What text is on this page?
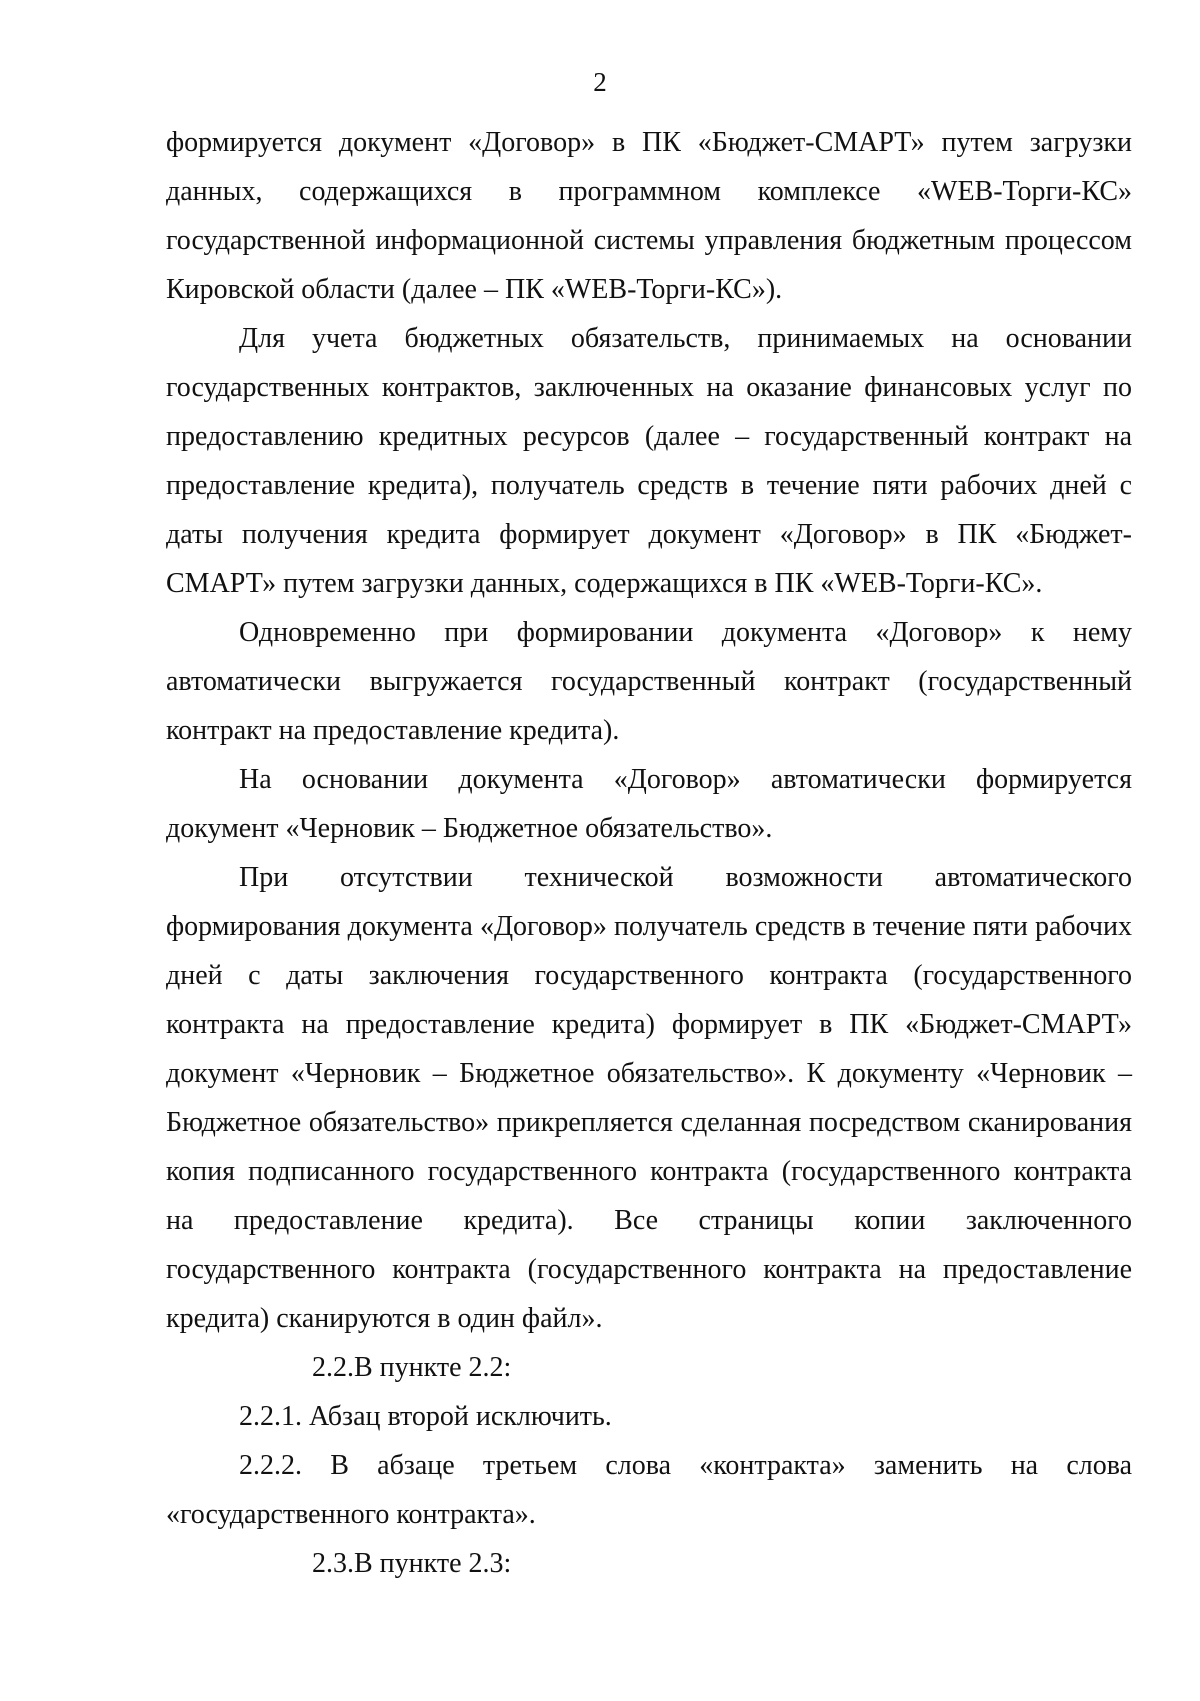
2

формируется документ «Договор» в ПК «Бюджет-СМАРТ» путем загрузки данных, содержащихся в программном комплексе «WEB-Торги-КС» государственной информационной системы управления бюджетным процессом Кировской области (далее – ПК «WEB-Торги-КС»).

Для учета бюджетных обязательств, принимаемых на основании государственных контрактов, заключенных на оказание финансовых услуг по предоставлению кредитных ресурсов (далее – государственный контракт на предоставление кредита), получатель средств в течение пяти рабочих дней с даты получения кредита формирует документ «Договор» в ПК «Бюджет-СМАРТ» путем загрузки данных, содержащихся в ПК «WEB-Торги-КС».

Одновременно при формировании документа «Договор» к нему автоматически выгружается государственный контракт (государственный контракт на предоставление кредита).

На основании документа «Договор» автоматически формируется документ «Черновик – Бюджетное обязательство».

При отсутствии технической возможности автоматического формирования документа «Договор» получатель средств в течение пяти рабочих дней с даты заключения государственного контракта (государственного контракта на предоставление кредита) формирует в ПК «Бюджет-СМАРТ» документ «Черновик – Бюджетное обязательство». К документу «Черновик – Бюджетное обязательство» прикрепляется сделанная посредством сканирования копия подписанного государственного контракта (государственного контракта на предоставление кредита). Все страницы копии заключенного государственного контракта (государственного контракта на предоставление кредита) сканируются в один файл».

2.2.В пункте 2.2:

2.2.1. Абзац второй исключить.

2.2.2. В абзаце третьем слова «контракта» заменить на слова «государственного контракта».

2.3.В пункте 2.3:
